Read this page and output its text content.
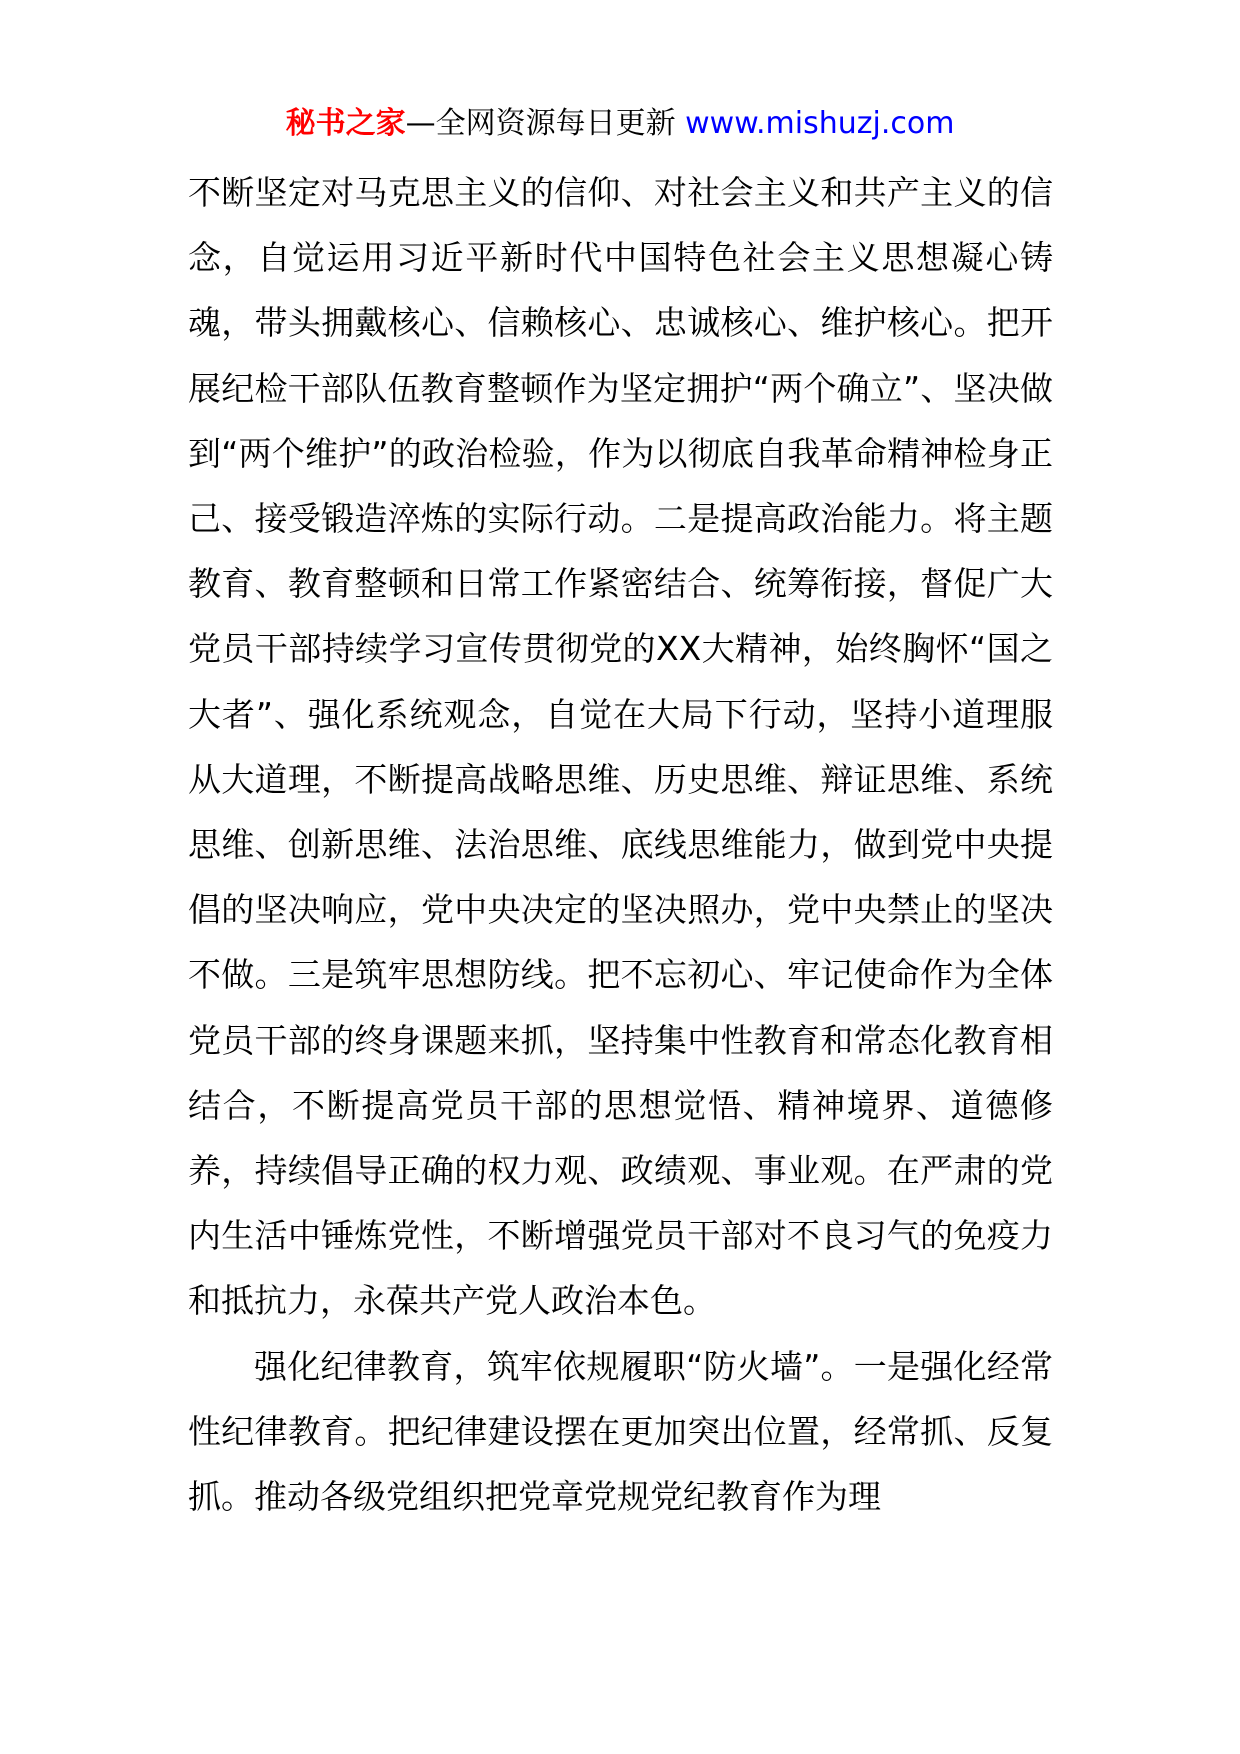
秘书之家—全网资源每日更新 www.mishuzj.com

不断坚定对马克思主义的信仰、对社会主义和共产主义的信念，自觉运用习近平新时代中国特色社会主义思想凝心铸魂，带头拥戴核心、信赖核心、忠诚核心、维护核心。把开展纪检干部队伍教育整顿作为坚定拥护“两个确立”、坚决做到“两个维护”的政治检验，作为以彻底自我革命精神检身正己、接受锻造淬炼的实际行动。二是提高政治能力。将主题教育、教育整顿和日常工作紧密结合、统筹衔接，督促广大党员干部持续学习宣传贯彻党的XX大精神，始终胸怀“国之大者”、强化系统观念，自觉在大局下行动，坚持小道理服从大道理，不断提高战略思维、历史思维、辩证思维、系统思维、创新思维、法治思维、底线思维能力，做到党中央提倡的坚决响应，党中央决定的坚决照办，党中央禁止的坚决不做。三是筑牢思想防线。把不忘初心、牢记使命作为全体党员干部的终身课题来抓，坚持集中性教育和常态化教育相结合，不断提高党员干部的思想觉悟、精神境界、道德修养，持续倡导正确的权力观、政绩观、事业观。在严肃的党内生活中锤炼党性，不断增强党员干部对不良习气的免疫力和抵抗力，永葆共产党人政治本色。

强化纪律教育，筑牢依规履职“防火墙”。一是强化经常性纪律教育。把纪律建设摆在更加突出位置，经常抓、反复抓。推动各级党组织把党章党规党纪教育作为理
